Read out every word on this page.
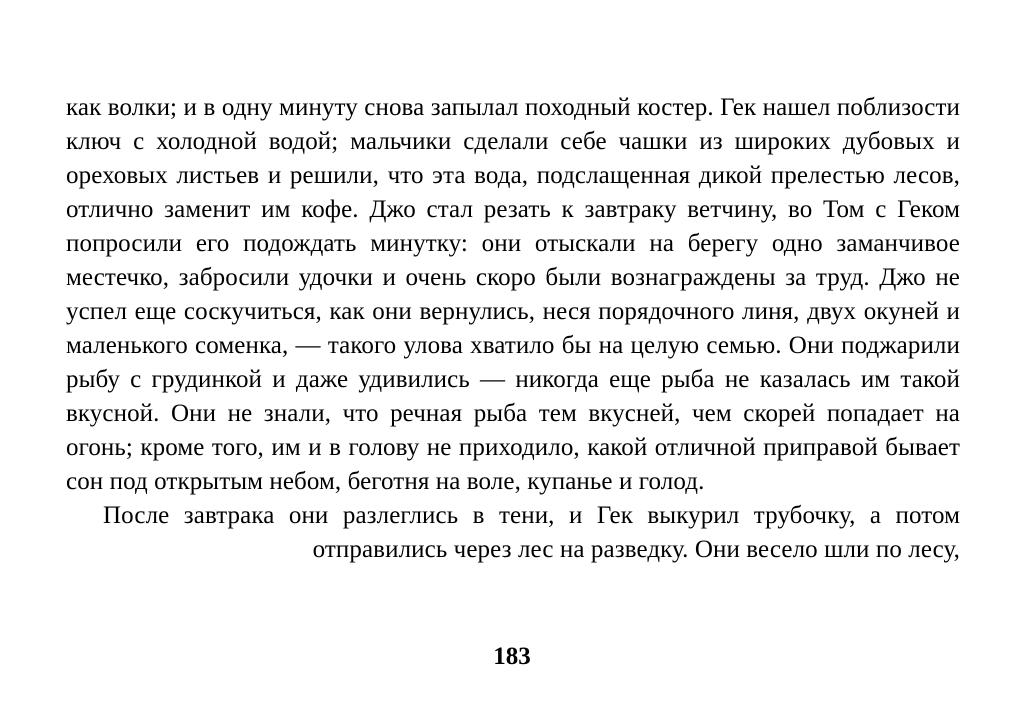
как волки; и в одну минуту снова запылал походный костер. Гек нашел поблизости ключ с холодной водой; мальчики сделали себе чашки из широких дубовых и ореховых листьев и решили, что эта вода, подслащенная дикой прелестью лесов, отлично заменит им кофе. Джо стал резать к завтраку ветчину, во Том с Геком попросили его подождать минутку: они отыскали на берегу одно заманчивое местечко, забросили удочки и очень скоро были вознаграждены за труд. Джо не успел еще соскучиться, как они вернулись, неся порядочного линя, двух окуней и маленького соменка, — такого улова хватило бы на целую семью. Они поджарили рыбу с грудинкой и даже удивились — никогда еще рыба не казалась им такой вкусной. Они не знали, что речная рыба тем вкусней, чем скорей попадает на огонь; кроме того, им и в голову не приходило, какой отличной приправой бывает сон под открытым небом, беготня на воле, купанье и голод.

После завтрака они разлеглись в тени, и Гек выкурил трубочку, а потом отправились через лес на разведку. Они весело шли по лесу,

183
